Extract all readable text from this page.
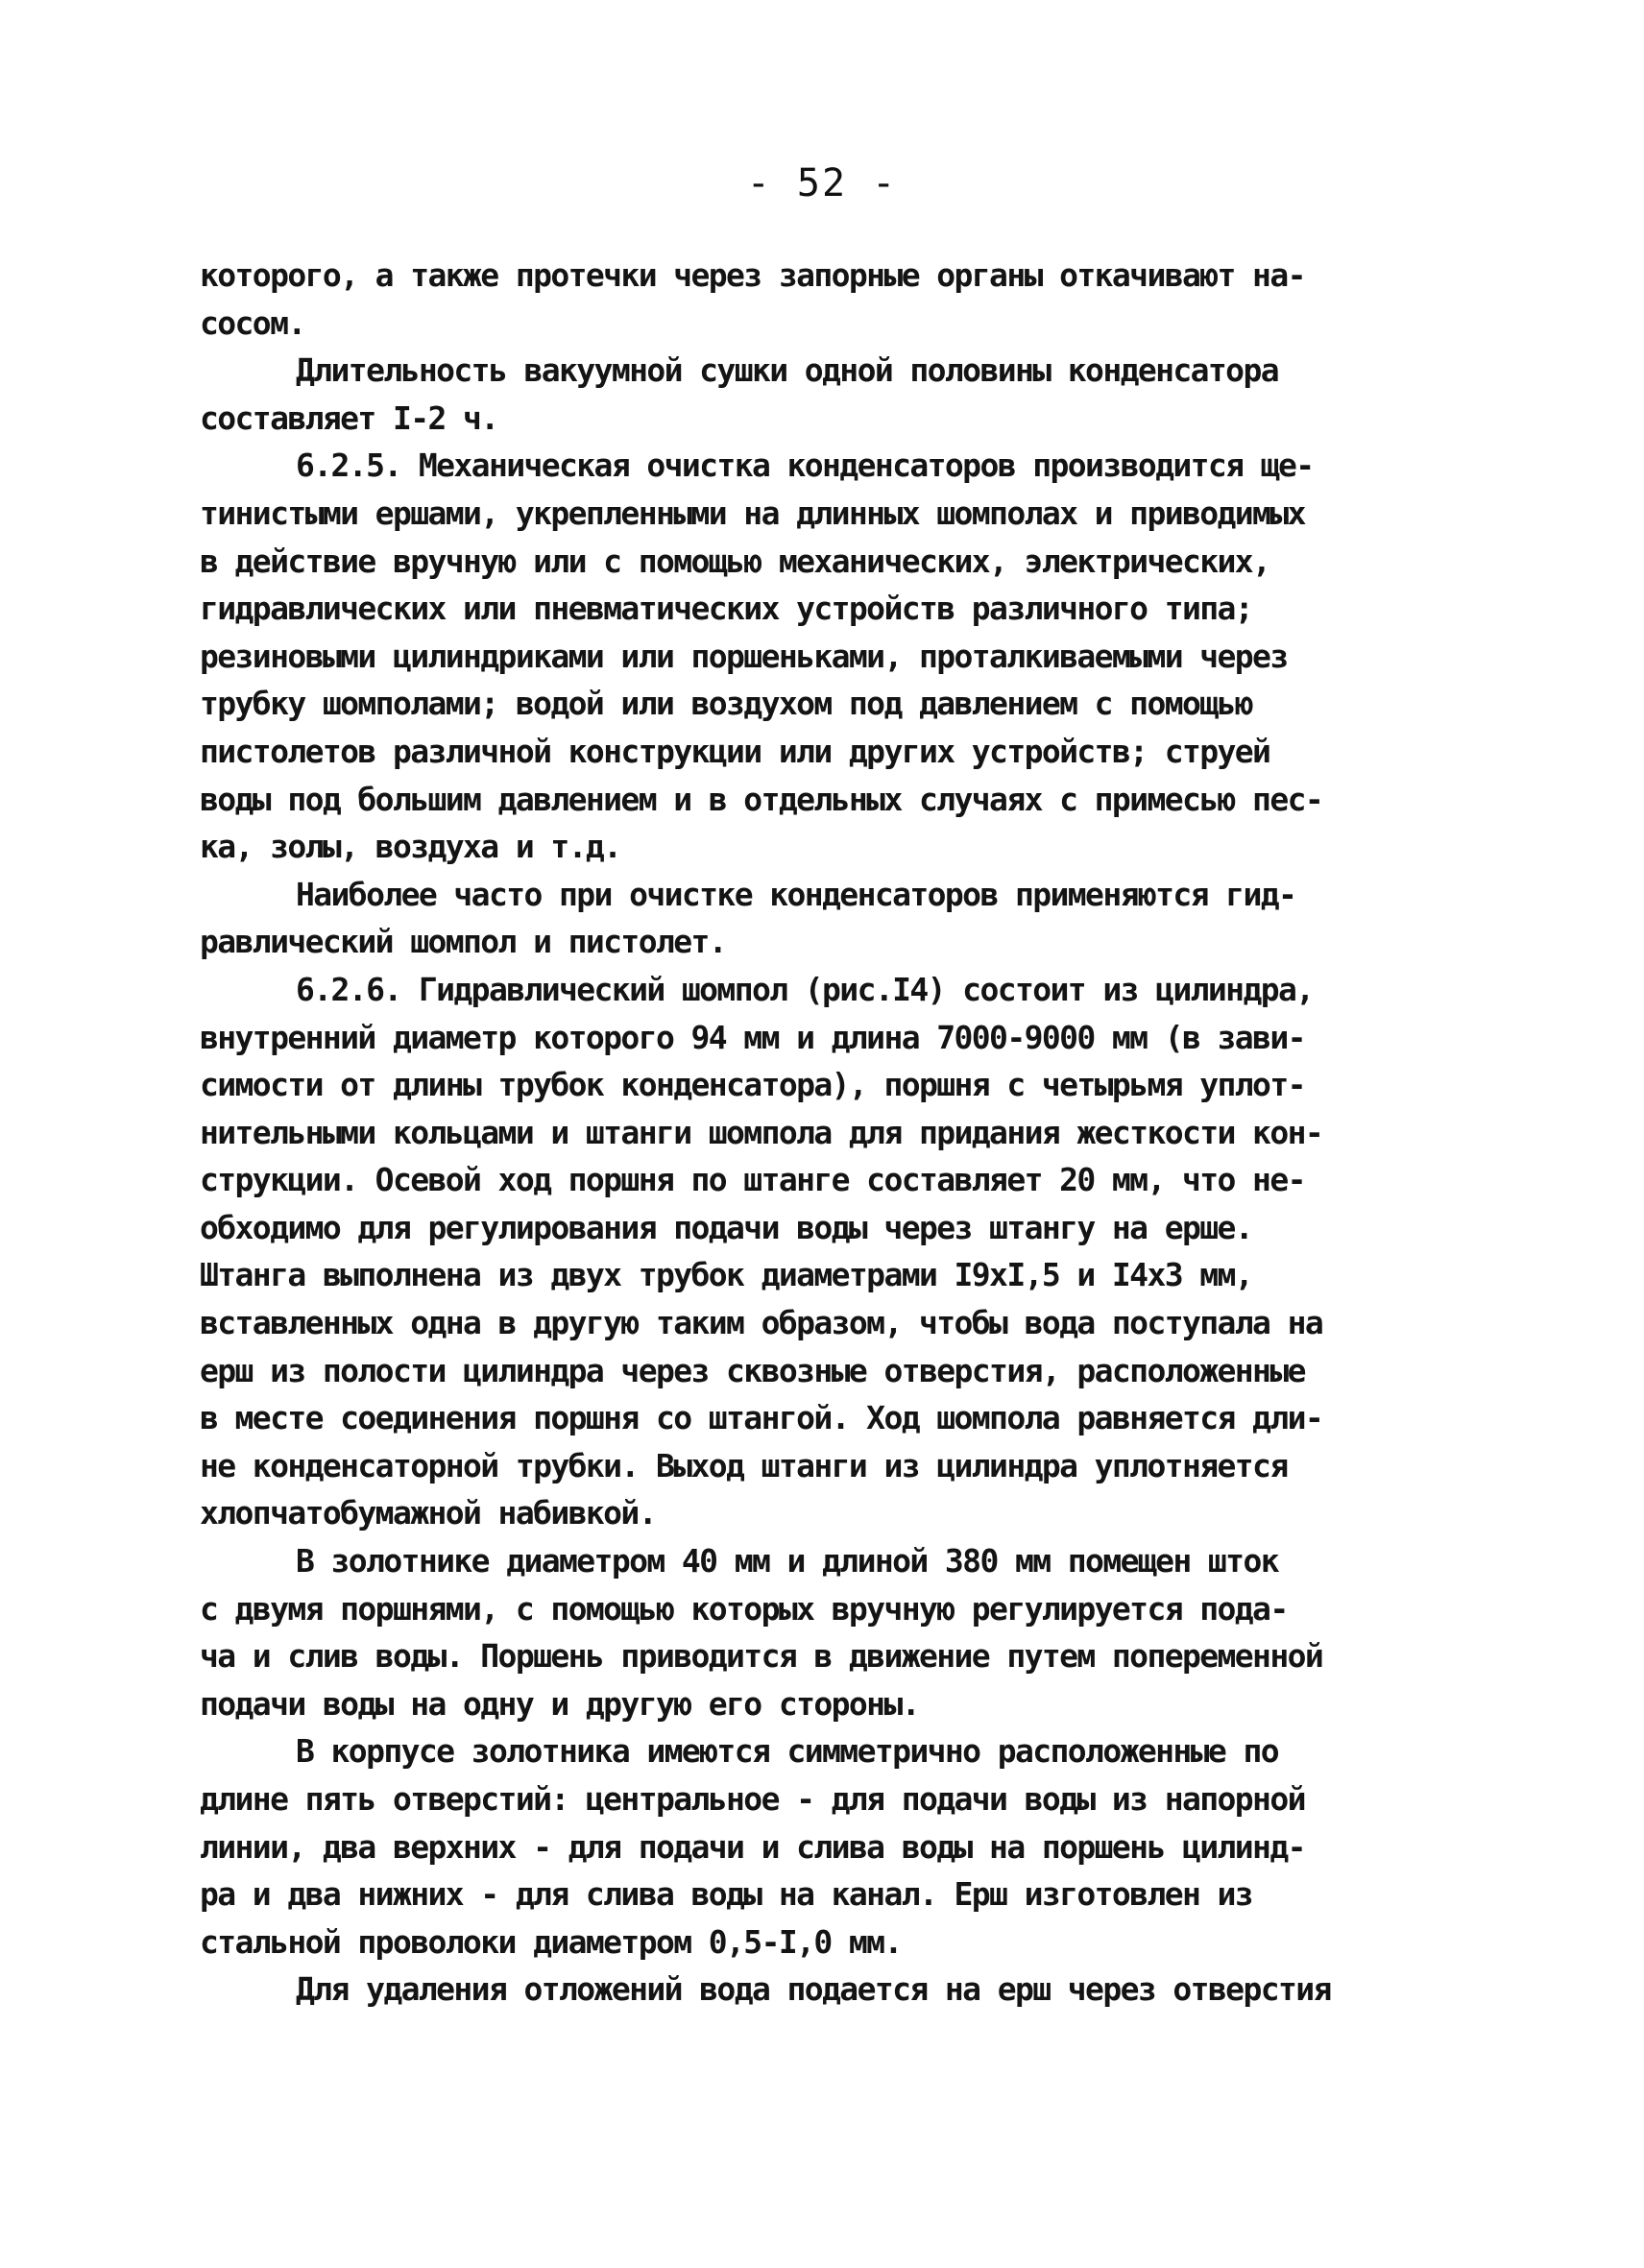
- 52 -
которого, а также протечки через запорные органы откачивают на-
сосом.
Длительность вакуумной сушки одной половины конденсатора
составляет I-2 ч.
6.2.5. Механическая очистка конденсаторов производится ще-
тинистыми ершами, укрепленными на длинных шомполах и приводимых
в действие вручную или с помощью механических, электрических,
гидравлических или пневматических устройств различного типа;
резиновыми цилиндриками или поршеньками, проталкиваемыми через
трубку шомполами; водой или воздухом под давлением с помощью
пистолетов различной конструкции или других устройств; струей
воды под большим давлением и в отдельных случаях с примесью пес-
ка, золы, воздуха и т.д.
Наиболее часто при очистке конденсаторов применяются гид-
равлический шомпол и пистолет.
6.2.6. Гидравлический шомпол (рис.I4) состоит из цилиндра,
внутренний диаметр которого 94 мм и длина 7000-9000 мм (в зави-
симости от длины трубок конденсатора), поршня с четырьмя уплот-
нительными кольцами и штанги шомпола для придания жесткости кон-
струкции. Осевой ход поршня по штанге составляет 20 мм, что не-
обходимо для регулирования подачи воды через штангу на ерше.
Штанга выполнена из двух трубок диаметрами I9xI,5 и I4x3 мм,
вставленных одна в другую таким образом, чтобы вода поступала на
ерш из полости цилиндра через сквозные отверстия, расположенные
в месте соединения поршня со штангой. Ход шомпола равняется дли-
не конденсаторной трубки. Выход штанги из цилиндра уплотняется
хлопчатобумажной набивкой.
В золотнике диаметром 40 мм и длиной 380 мм помещен шток
с двумя поршнями, с помощью которых вручную регулируется пода-
ча и слив воды. Поршень приводится в движение путем попеременной
подачи воды на одну и другую его стороны.
В корпусе золотника имеются симметрично расположенные по
длине пять отверстий: центральное - для подачи воды из напорной
линии, два верхних - для подачи и слива воды на поршень цилинд-
ра и два нижних - для слива воды на канал. Ерш изготовлен из
стальной проволоки диаметром 0,5-I,0 мм.
Для удаления отложений вода подается на ерш через отверстия
